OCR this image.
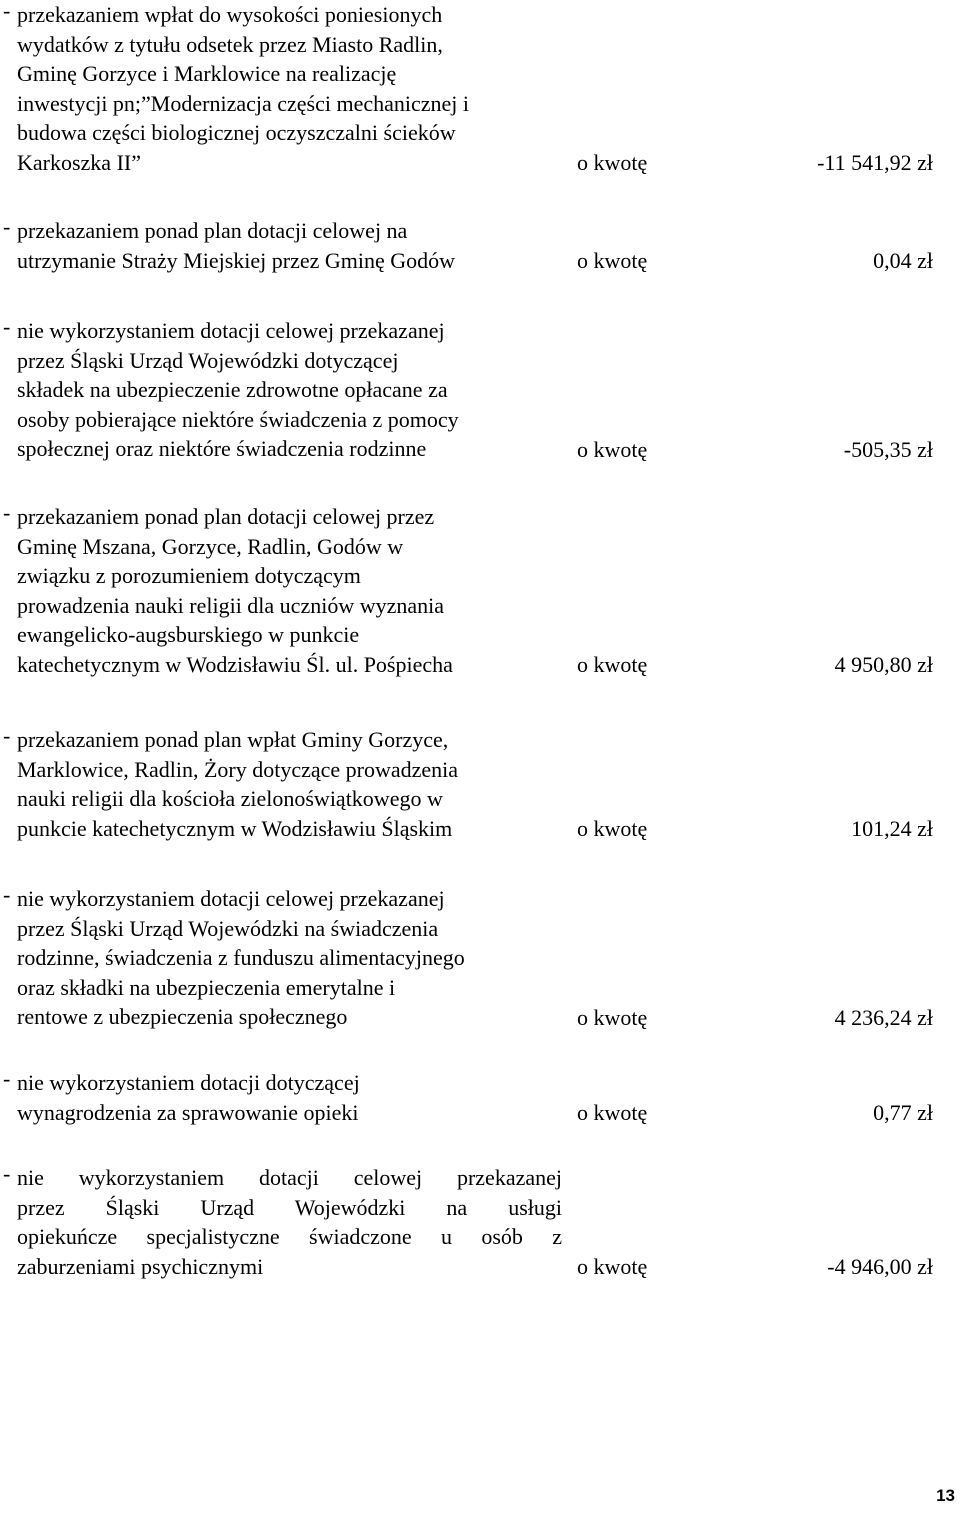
- przekazaniem wpłat do wysokości poniesionych
wydatków z tytułu odsetek przez Miasto Radlin,
Gminę Gorzyce i Marklowice na realizację
inwestycji pn;”Modernizacja części mechanicznej i
budowa części biologicznej oczyszczalni ścieków
Karkoszka II”	o kwotę	-11 541,92 zł
- przekazaniem ponad plan dotacji celowej na
utrzymanie Straży Miejskiej przez Gminę Godów	o kwotę	0,04 zł
- nie wykorzystaniem dotacji celowej przekazanej
przez Śląski Urząd Wojewódzki dotyczącej
składek na ubezpieczenie zdrowotne opłacane za
osoby pobierające niektóre świadczenia z pomocy
społecznej oraz niektóre świadczenia rodzinne	o kwotę	-505,35 zł
- przekazaniem ponad plan dotacji celowej przez
Gminę Mszana, Gorzyce, Radlin, Godów w
związku z porozumieniem dotyczącym
prowadzenia nauki religii dla uczniów wyznania
ewangelicko-augsburskiego w punkcie
katechetycznym w Wodzisławiu Śl. ul. Pośpiecha	o kwotę	4 950,80 zł
- przekazaniem ponad plan wpłat Gminy Gorzyce,
Marklowice, Radlin, Żory dotyczące prowadzenia
nauki religii dla kościoła zielonoświątkowego w
punkcie katechetycznym w Wodzisławiu Śląskim	o kwotę	101,24 zł
- nie wykorzystaniem dotacji celowej przekazanej
przez Śląski Urząd Wojewódzki na świadczenia
rodzinne, świadczenia z funduszu alimentacyjnego
oraz składki na ubezpieczenia emerytalne i
rentowe z ubezpieczenia społecznego	o kwotę	4 236,24 zł
- nie wykorzystaniem dotacji dotyczącej
wynagrodzenia za sprawowanie opieki	o kwotę	0,77 zł
- nie wykorzystaniem dotacji celowej przekazanej
przez Śląski Urząd Wojewódzki na usługi
opiekuńcze specjalistyczne świadczone u osób z
zaburzeniami psychicznymi	o kwotę	-4 946,00 zł
13
